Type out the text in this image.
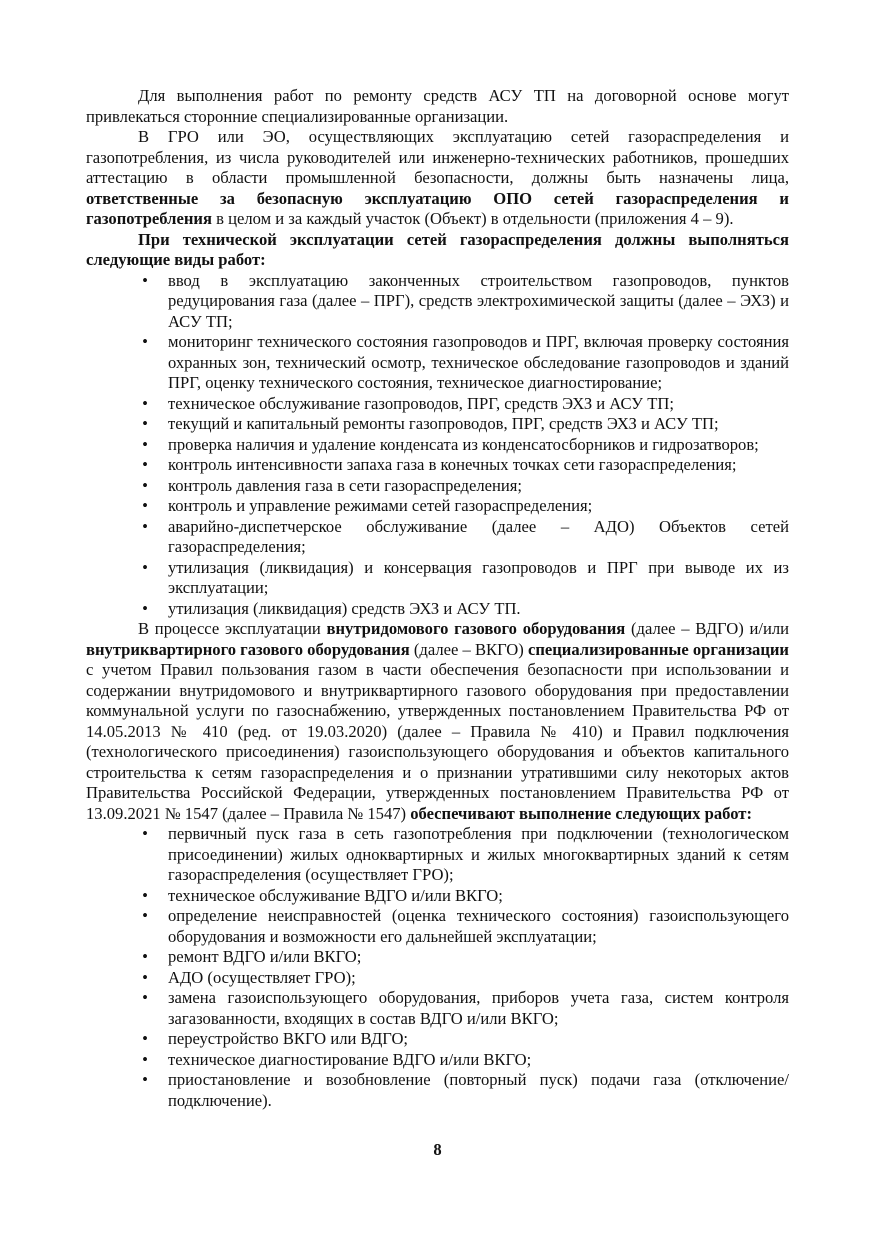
Для выполнения работ по ремонту средств АСУ ТП на договорной основе могут привлекаться сторонние специализированные организации.

В ГРО или ЭО, осуществляющих эксплуатацию сетей газораспределения и газопотребления, из числа руководителей или инженерно-технических работников, прошедших аттестацию в области промышленной безопасности, должны быть назначены лица, ответственные за безопасную эксплуатацию ОПО сетей газораспределения и газопотребления в целом и за каждый участок (Объект) в отдельности (приложения 4 – 9).

При технической эксплуатации сетей газораспределения должны выполняться следующие виды работ:

• ввод в эксплуатацию законченных строительством газопроводов, пунктов редуцирования газа (далее – ПРГ), средств электрохимической защиты (далее – ЭХЗ) и АСУ ТП;
• мониторинг технического состояния газопроводов и ПРГ, включая проверку состояния охранных зон, технический осмотр, техническое обследование газопроводов и зданий ПРГ, оценку технического состояния, техническое диагностирование;
• техническое обслуживание газопроводов, ПРГ, средств ЭХЗ и АСУ ТП;
• текущий и капитальный ремонты газопроводов, ПРГ, средств ЭХЗ и АСУ ТП;
• проверка наличия и удаление конденсата из конденсатосборников и гидрозатворов;
• контроль интенсивности запаха газа в конечных точках сети газораспределения;
• контроль давления газа в сети газораспределения;
• контроль и управление режимами сетей газораспределения;
• аварийно-диспетчерское обслуживание (далее – АДО) Объектов сетей газораспределения;
• утилизация (ликвидация) и консервация газопроводов и ПРГ при выводе их из эксплуатации;
• утилизация (ликвидация) средств ЭХЗ и АСУ ТП.

В процессе эксплуатации внутридомового газового оборудования (далее – ВДГО) и/или внутриквартирного газового оборудования (далее – ВКГО) специализированные организации с учетом Правил пользования газом в части обеспечения безопасности при использовании и содержании внутридомового и внутриквартирного газового оборудования при предоставлении коммунальной услуги по газоснабжению, утвержденных постановлением Правительства РФ от 14.05.2013 № 410 (ред. от 19.03.2020) (далее – Правила № 410) и Правил подключения (технологического присоединения) газоиспользующего оборудования и объектов капитального строительства к сетям газораспределения и о признании утратившими силу некоторых актов Правительства Российской Федерации, утвержденных постановлением Правительства РФ от 13.09.2021 № 1547 (далее – Правила № 1547) обеспечивают выполнение следующих работ:

• первичный пуск газа в сеть газопотребления при подключении (технологическом присоединении) жилых одноквартирных и жилых многоквартирных зданий к сетям газораспределения (осуществляет ГРО);
• техническое обслуживание ВДГО и/или ВКГО;
• определение неисправностей (оценка технического состояния) газоиспользующего оборудования и возможности его дальнейшей эксплуатации;
• ремонт ВДГО и/или ВКГО;
• АДО (осуществляет ГРО);
• замена газоиспользующего оборудования, приборов учета газа, систем контроля загазованности, входящих в состав ВДГО и/или ВКГО;
• переустройство ВКГО или ВДГО;
• техническое диагностирование ВДГО и/или ВКГО;
• приостановление и возобновление (повторный пуск) подачи газа (отключение/подключение).
8
